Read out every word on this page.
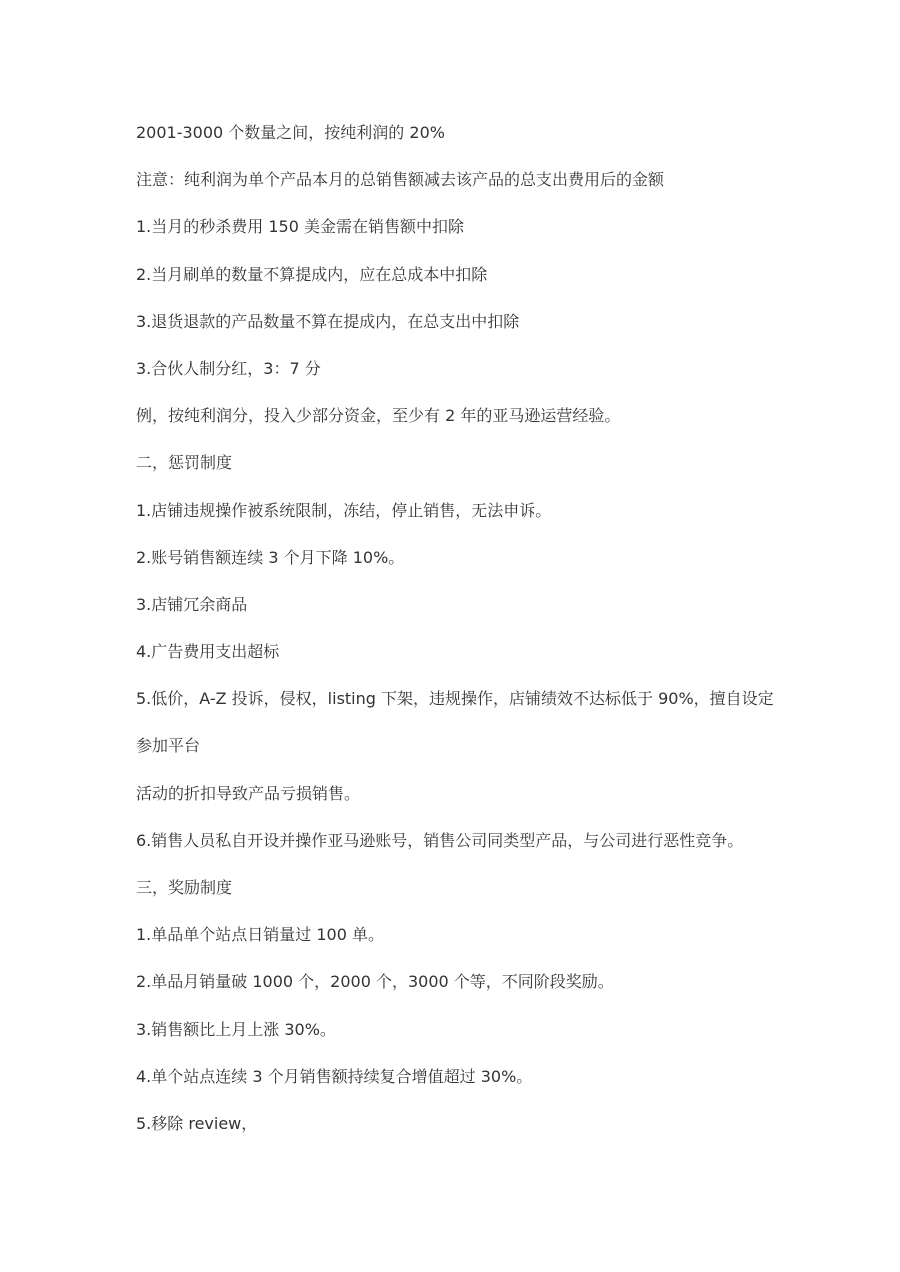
2001-3000 个数量之间，按纯利润的 20%

注意：纯利润为单个产品本月的总销售额减去该产品的总支出费用后的金额

1.当月的秒杀费用 150 美金需在销售额中扣除

2.当月刷单的数量不算提成内，应在总成本中扣除

3.退货退款的产品数量不算在提成内，在总支出中扣除

3.合伙人制分红，3：7 分

例，按纯利润分，投入少部分资金，至少有 2 年的亚马逊运营经验。

二，惩罚制度

1.店铺违规操作被系统限制，冻结，停止销售，无法申诉。

2.账号销售额连续 3 个月下降 10%。

3.店铺冗余商品

4.广告费用支出超标

5.低价，A-Z 投诉，侵权，listing 下架，违规操作，店铺绩效不达标低于 90%，擅自设定

参加平台

活动的折扣导致产品亏损销售。

6.销售人员私自开设并操作亚马逊账号，销售公司同类型产品，与公司进行恶性竞争。

三，奖励制度

1.单品单个站点日销量过 100 单。

2.单品月销量破 1000 个，2000 个，3000 个等，不同阶段奖励。

3.销售额比上月上涨 30%。

4.单个站点连续 3 个月销售额持续复合增值超过 30%。

5.移除 review，
